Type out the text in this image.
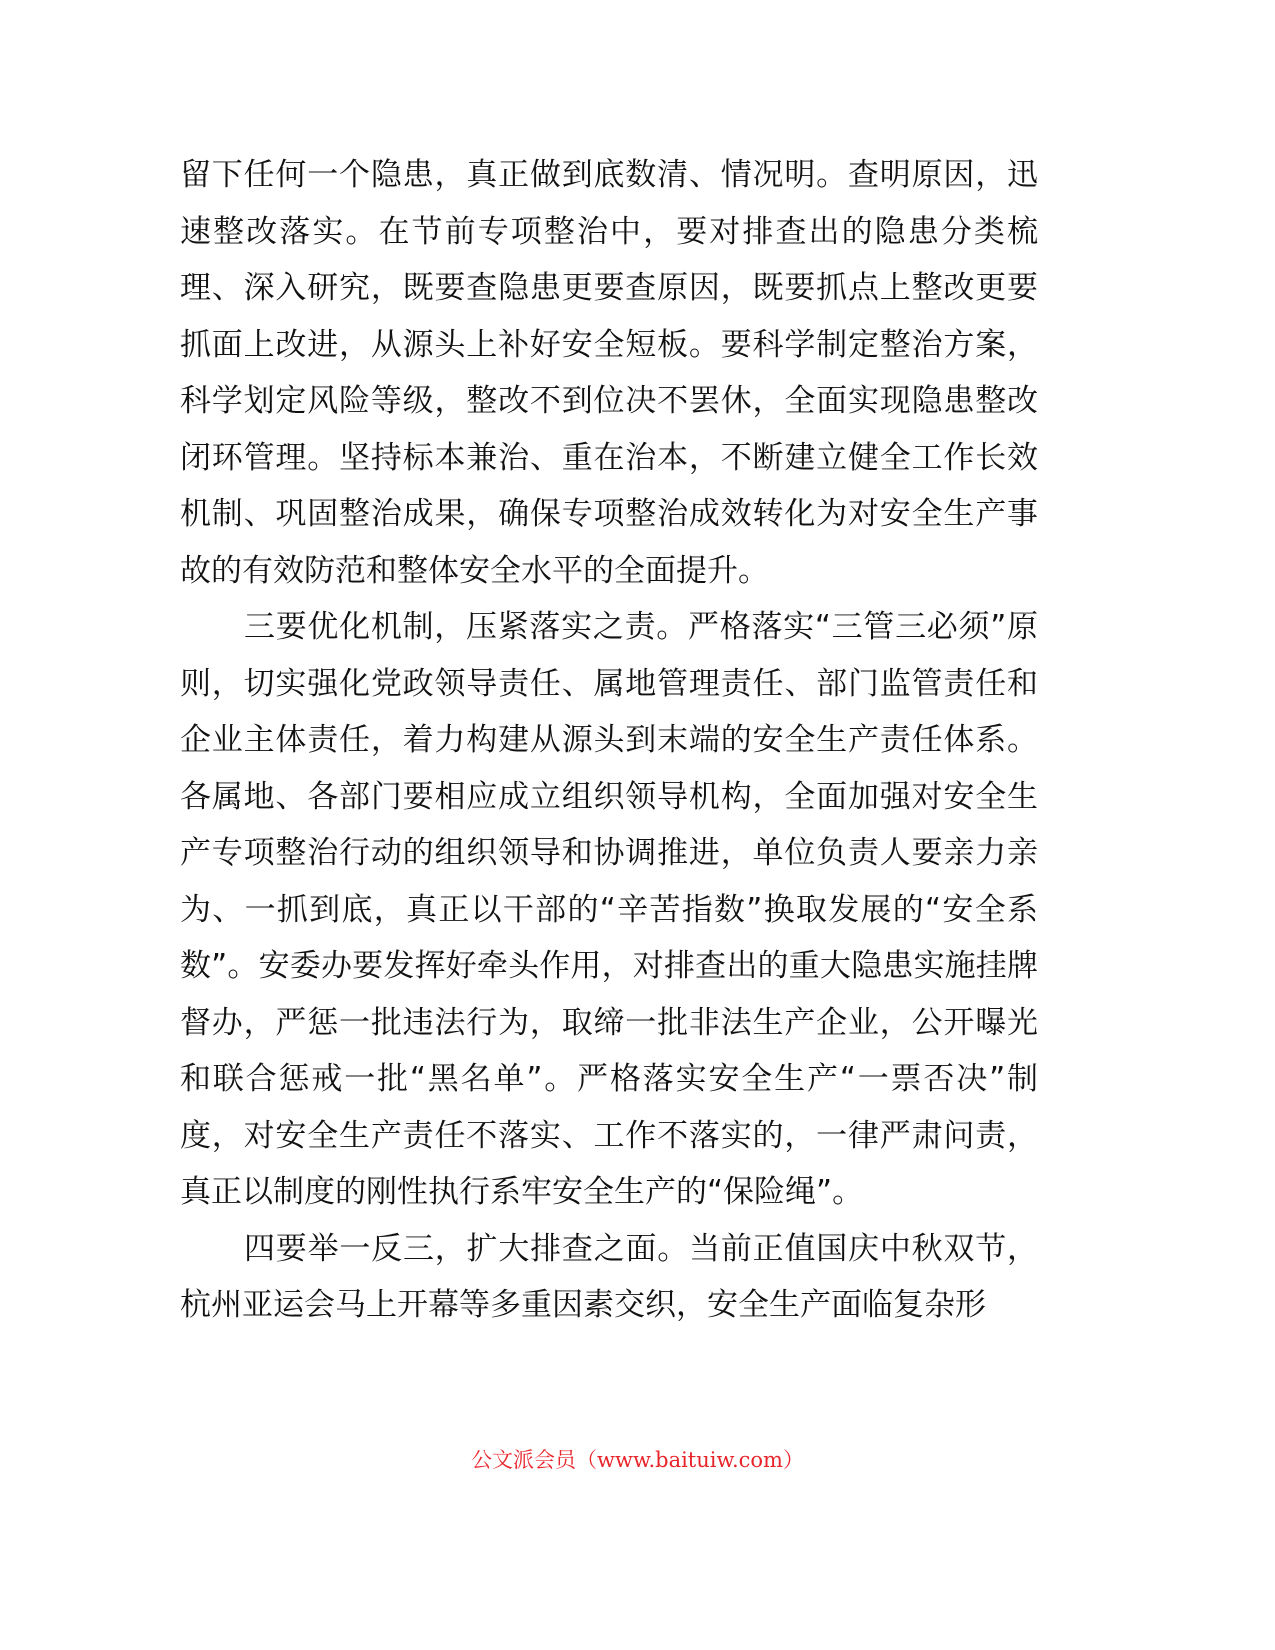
留下任何一个隐患，真正做到底数清、情况明。查明原因，迅速整改落实。在节前专项整治中，要对排查出的隐患分类梳理、深入研究，既要查隐患更要查原因，既要抓点上整改更要抓面上改进，从源头上补好安全短板。要科学制定整治方案，科学划定风险等级，整改不到位决不罢休，全面实现隐患整改闭环管理。坚持标本兼治、重在治本，不断建立健全工作长效机制、巩固整治成果，确保专项整治成效转化为对安全生产事故的有效防范和整体安全水平的全面提升。

三要优化机制，压紧落实之责。严格落实“三管三必须”原则，切实强化党政领导责任、属地管理责任、部门监管责任和企业主体责任，着力构建从源头到末端的安全生产责任体系。各属地、各部门要相应成立组织领导机构，全面加强对安全生产专项整治行动的组织领导和协调推进，单位负责人要亲力亲为、一抓到底，真正以干部的“辛苦指数”换取发展的“安全系数”。安委办要发挥好牵头作用，对排查出的重大隐患实施挂牌督办，严惩一批违法行为，取缔一批非法生产企业，公开曝光和联合惩戒一批“黑名单”。严格落实安全生产“一票否决”制度，对安全生产责任不落实、工作不落实的，一律严肃问责，真正以制度的刚性执行系牢安全生产的“保险绳”。

四要举一反三，扩大排查之面。当前正值国庆中秋双节，杭州亚运会马上开幕等多重因素交织，安全生产面临复杂形

公文派会员（www.baituiw.com）
